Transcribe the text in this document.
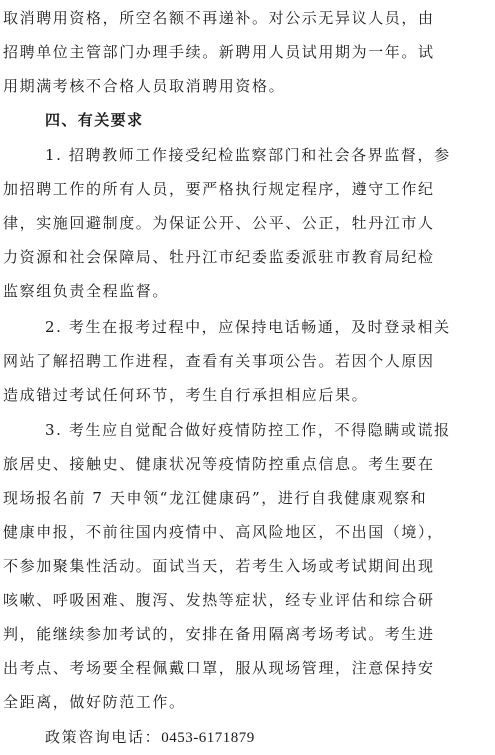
取消聘用资格，所空名额不再递补。对公示无异议人员，由
招聘单位主管部门办理手续。新聘用人员试用期为一年。试
用期满考核不合格人员取消聘用资格。
四、有关要求
1. 招聘教师工作接受纪检监察部门和社会各界监督，参
加招聘工作的所有人员，要严格执行规定程序，遵守工作纪
律，实施回避制度。为保证公开、公平、公正，牡丹江市人
力资源和社会保障局、牡丹江市纪委监委派驻市教育局纪检
监察组负责全程监督。
2. 考生在报考过程中，应保持电话畅通，及时登录相关
网站了解招聘工作进程，查看有关事项公告。若因个人原因
造成错过考试任何环节，考生自行承担相应后果。
3. 考生应自觉配合做好疫情防控工作，不得隐瞒或谎报
旅居史、接触史、健康状况等疫情防控重点信息。考生要在
现场报名前 7 天申领“龙江健康码”，进行自我健康观察和
健康申报，不前往国内疫情中、高风险地区，不出国（境），
不参加聚集性活动。面试当天，若考生入场或考试期间出现
咳嗽、呼吸困难、腹泻、发热等症状，经专业评估和综合研
判，能继续参加考试的，安排在备用隔离考场考试。考生进
出考点、考场要全程佩戴口罩，服从现场管理，注意保持安
全距离，做好防范工作。
政策咨询电话：0453-6171879
